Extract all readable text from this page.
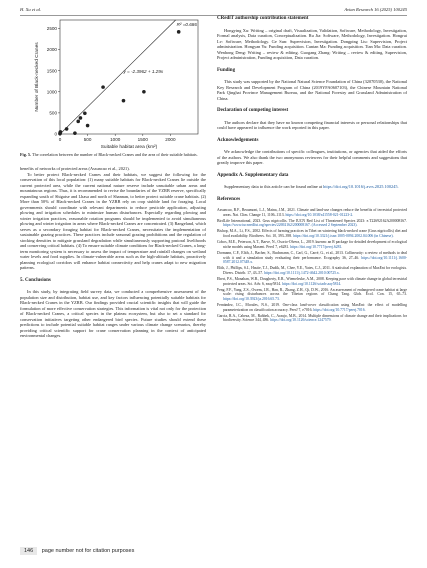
H. Xu et al.	Avian Research 16 (2025) 100245
0	500	1000	1500	2000
0
500
1000
1500
2000
2500
y = -2.3962 + 1.29x
R² =0.686
Suitable habitat area (km²)
Number of Black-necked Cranes
Fig. 5. The correlation between the number of Black-necked Cranes and the area of their suitable habitats.

benefits of networks of protected areas (Assuncao et al., 2021).

To better protect Black-necked Cranes and their habitats, we suggest the following for the conservation of this local population: (1) many suitable habitats for Black-necked Cranes lie outside the current protected area, while the current national nature reserve include unsuitable urban areas and mountainous regions. Thus, it is recommended to revise the boundaries of the YZRB reserve, specifically expanding south of Shigatse and Lhasa and north of Shannan, to better protect suitable crane habitats. (2) More than 50% of Black-necked Cranes in the YZRB rely on crop stubble land for foraging. Local governments should coordinate with relevant departments to reduce pesticide application, adjusting plowing and irrigation schedules to minimize human disturbances. Especially regarding plowing and winter irrigation practices, reasonable rotation programs should be implemented to avoid simultaneous plowing and winter irrigation in areas where Black-necked Cranes are concentrated. (3) Rangeland, which serves as a secondary foraging habitat for Black-necked Cranes, necessitates the implementation of sustainable grazing practices. These practices include seasonal grazing prohibitions and the regulation of stocking densities to mitigate grassland degradation while simultaneously supporting pastoral livelihoods and conserving critical habitats. (4) To ensure suitable climate conditions for Black-necked Cranes, a long-term monitoring system is necessary to assess the impact of temperature and rainfall changes on wetland water levels and food supplies. In climate-vulnerable areas such as the high-altitude habitats, proactively planning ecological corridors will enhance habitat connectivity and help cranes adapt to new migration patterns.

5. Conclusions

In this study, by integrating field survey data, we conducted a comprehensive assessment of the population size and distribution, habitat use, and key factors influencing potentially suitable habitats for Black-necked Cranes in the YZRB. Our findings provided crucial scientific insights that will guide the formulation of more effective conservation strategies. This information is vital not only for the protection of Black-necked Cranes, a critical species in the plateau ecosystem, but also to set a standard for conservation initiatives targeting other endangered bird species. Future studies should extend these predictions to include potential suitable habitat ranges under various climate change scenarios, thereby providing critical scientific support for crane conservation planning in the context of anticipated environmental changes.

CRediT authorship contribution statement

Hongying Xu: Writing – original draft, Visualization, Validation, Software, Methodology, Investigation, Formal analysis, Data curation, Conceptualization. Ru Jia: Software, Methodology, Investigation. Hongrui Lv: Software, Methodology. Ge Sun: Supervision, Investigation. Dongping Liu: Supervision, Project administration. Hongyan Yu: Funding acquisition. Cuntan Ma: Funding acquisition. Tian Ma: Data curation. Wenhong Deng: Writing – review & editing. Guogang Zhang: Writing – review & editing, Supervision, Project administration, Funding acquisition, Data curation.

Funding

This study was supported by the National Natural Science Foundation of China (32070530), the National Key Research and Development Program of China (2019YFA0607103), the Chinese Mountain National Park Qinghai Province Management Bureau, and the National Forestry and Grassland Administration of China.

Declaration of competing interest

The authors declare that they have no known competing financial interests or personal relationships that could have appeared to influence the work reported in this paper.

Acknowledgements

We acknowledge the contributions of specific colleagues, institutions, or agencies that aided the efforts of the authors. We also thank the two anonymous reviewers for their helpful comments and suggestions that greatly improve this paper.

Appendix A. Supplementary data

Supplementary data to this article can be found online at https://doi.org/10.1016/j.avrs.2025.100245.

References
Assuncao, B.F., Beaumont, L.J., Maina, J.M., 2021. Climate and land-use changes reduce the benefits of terrestrial protected areas. Nat. Clim. Change 11, 1106–1113. https://doi.org/10.1038/s41558-021-01223-2.
BirdLife International, 2023. Grus nigricollis. The IUCN Red List of Threatened Species 2023: e.T22692162A200008167. https://www.iucnredlist.org/species/22692162/200008167. (Accessed 2 September 2023).
Bishop, M.A., Li, F.S., 2002. Effects of farming practices in Tibet on wintering black-necked crane (Grus nigricollis) diet and food availability. Biodivers. Sci. 10, 393–398. https://doi.org/10.3321/j.issn:1005-0094.2002.04.006 (in Chinese).
Cobos, M.E., Peterson, A.T., Barve, N., Osorio-Olvera, L., 2019. kuenm: an R package for detailed development of ecological niche models using Maxent. PeerJ 7, e6281. https://doi.org/10.7717/peerj.6281.
Dormann, C.F., Elith, J., Bacher, S., Buchmann, C., Carl, G., Carré, G., et al., 2013. Collinearity: a review of methods to deal with it and a simulation study evaluating their performance. Ecography 36, 27–46. https://doi.org/10.1111/j.1600-0587.2012.07348.x.
Elith, J., Phillips, S.J., Hastie, T.J., Dudík, M., Chee, Y.E., Yates, C.J., 2011. A statistical explanation of MaxEnt for ecologists. Divers. Distrib. 17, 43–57. https://doi.org/10.1111/j.1472-4642.2010.00725.x.
Ebert, P.S., Monahan, W.B., Dougherty, E.R., Wiemeleske, A.M., 2008. Keeping pace with climate change in global terrestrial protected areas. Sci. Adv. 6, eaay5814. https://doi.org/10.1126/sciadv.aay5814.
Feng, F.F., Yang, Z.S., Owens, J.R., Han, R., Zhang, Z.H., Qi, D.W., 2016. An assessment of endangered crane habitat at large scale: rising disturbances across the Tibetan regions of Chang Tang. Glob. Ecol. Con. 15, 65–73. https://doi.org/10.3923/ja.2016.65.73.
Fernández, I.C., Morales, N.S., 2019. One-class land-cover classification using MaxEnt: the effect of modelling parameterization on classification accuracy. PeerJ 7, e7016. https://doi.org/10.7717/peerj.7016.
Garcia, R.A., Cabeza, M., Rahbek, C., Araujo, M.B., 2014. Multiple dimensions of climate change and their implications for biodiversity. Science 344, 486. https://doi.org/10.1126/science.1247579.
146 page number not for citation purposes
